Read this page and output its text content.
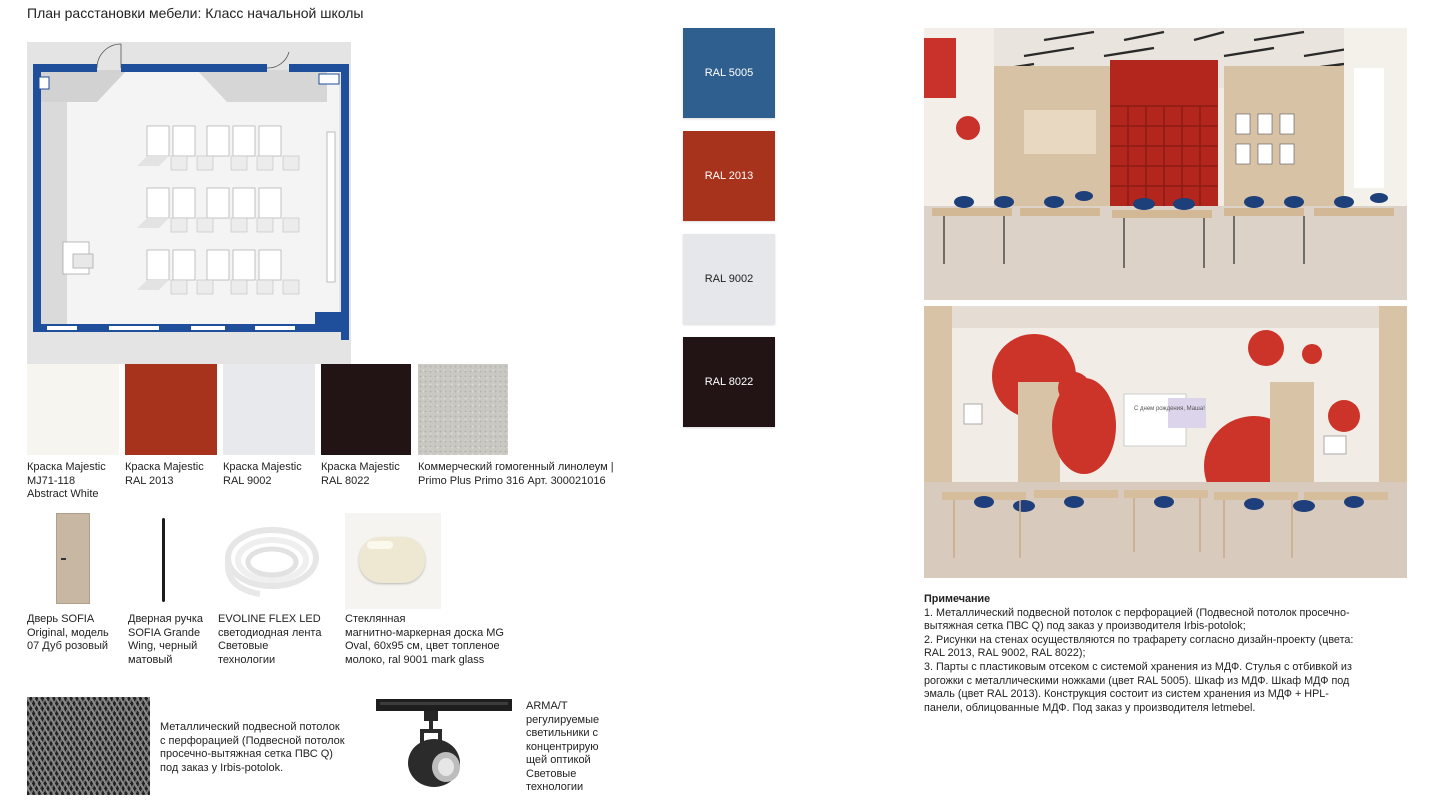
План расстановки мебели: Класс начальной школы
Краска Majestic
MJ71-118
Abstract White
Краска Majestic
RAL 2013
Краска Majestic
RAL 9002
Краска Majestic
RAL 8022
Коммерческий гомогенный линолеум |
Primo Plus Primo 316 Арт. 300021016
Дверь SOFIA
Original, модель
07 Дуб розовый
Дверная ручка
SOFIA Grande
Wing, черный
матовый
EVOLINE FLEX LED
светодиодная лента
Световые
технологии
Стеклянная
магнитно-маркерная доска MG
Oval, 60x95 см, цвет топленое
молоко, ral 9001 mark glass
Металлический подвесной потолок
с перфорацией (Подвесной потолок
просечно-вытяжная сетка ПВС Q)
под заказ у Irbis-potolok.
ARMA/T
регулируемые
светильники с
концентрирую
щей оптикой
Световые
технологии
RAL 5005
RAL 2013
RAL 9002
RAL 8022
С днем рождения, Маша!
Примечание
1. Металлический подвесной потолок с перфорацией (Подвесной потолок просечно-вытяжная сетка ПВС Q) под заказ у производителя Irbis-potolok;
2. Рисунки на стенах осуществляются по трафарету согласно дизайн-проекту (цвета: RAL 2013, RAL 9002, RAL 8022);
3. Парты с пластиковым отсеком с системой хранения из МДФ. Стулья с отбивкой из рогожки с металлическими ножками (цвет RAL 5005). Шкаф из МДФ. Шкаф МДФ под эмаль (цвет RAL 2013). Конструкция состоит из систем хранения из МДФ + HPL-панели, облицованные МДФ. Под заказ у производителя letmebel.
